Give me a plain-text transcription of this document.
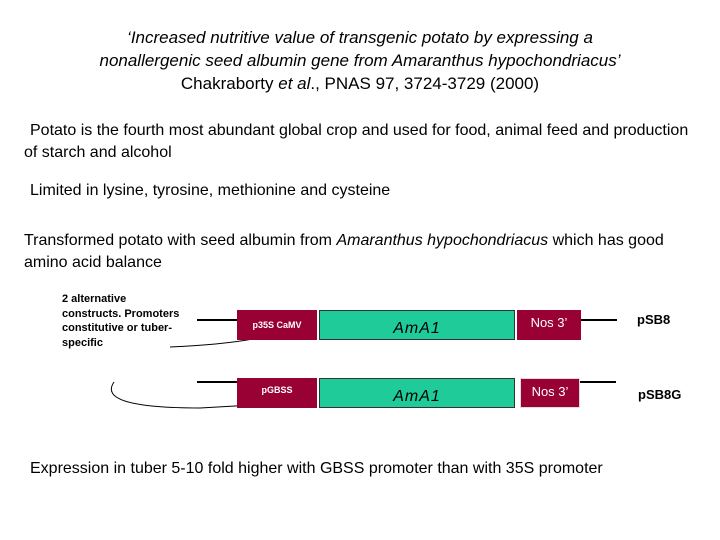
‘Increased nutritive value of transgenic potato by expressing a
nonallergenic seed albumin gene from Amaranthus hypochondriacus’
Chakraborty et al., PNAS 97, 3724-3729 (2000)
Potato is the fourth most abundant global crop and used for food, animal feed and production of starch and alcohol
Limited in lysine, tyrosine, methionine and cysteine
Transformed potato with seed albumin from Amaranthus hypochondriacus which has good amino acid balance
2 alternative constructs. Promoters constitutive or tuber-specific
p35S CaMV	AmA1	Nos 3’	pSB8
pGBSS	AmA1	Nos 3’	pSB8G
Expression in tuber 5-10 fold higher with GBSS promoter than with 35S promoter
